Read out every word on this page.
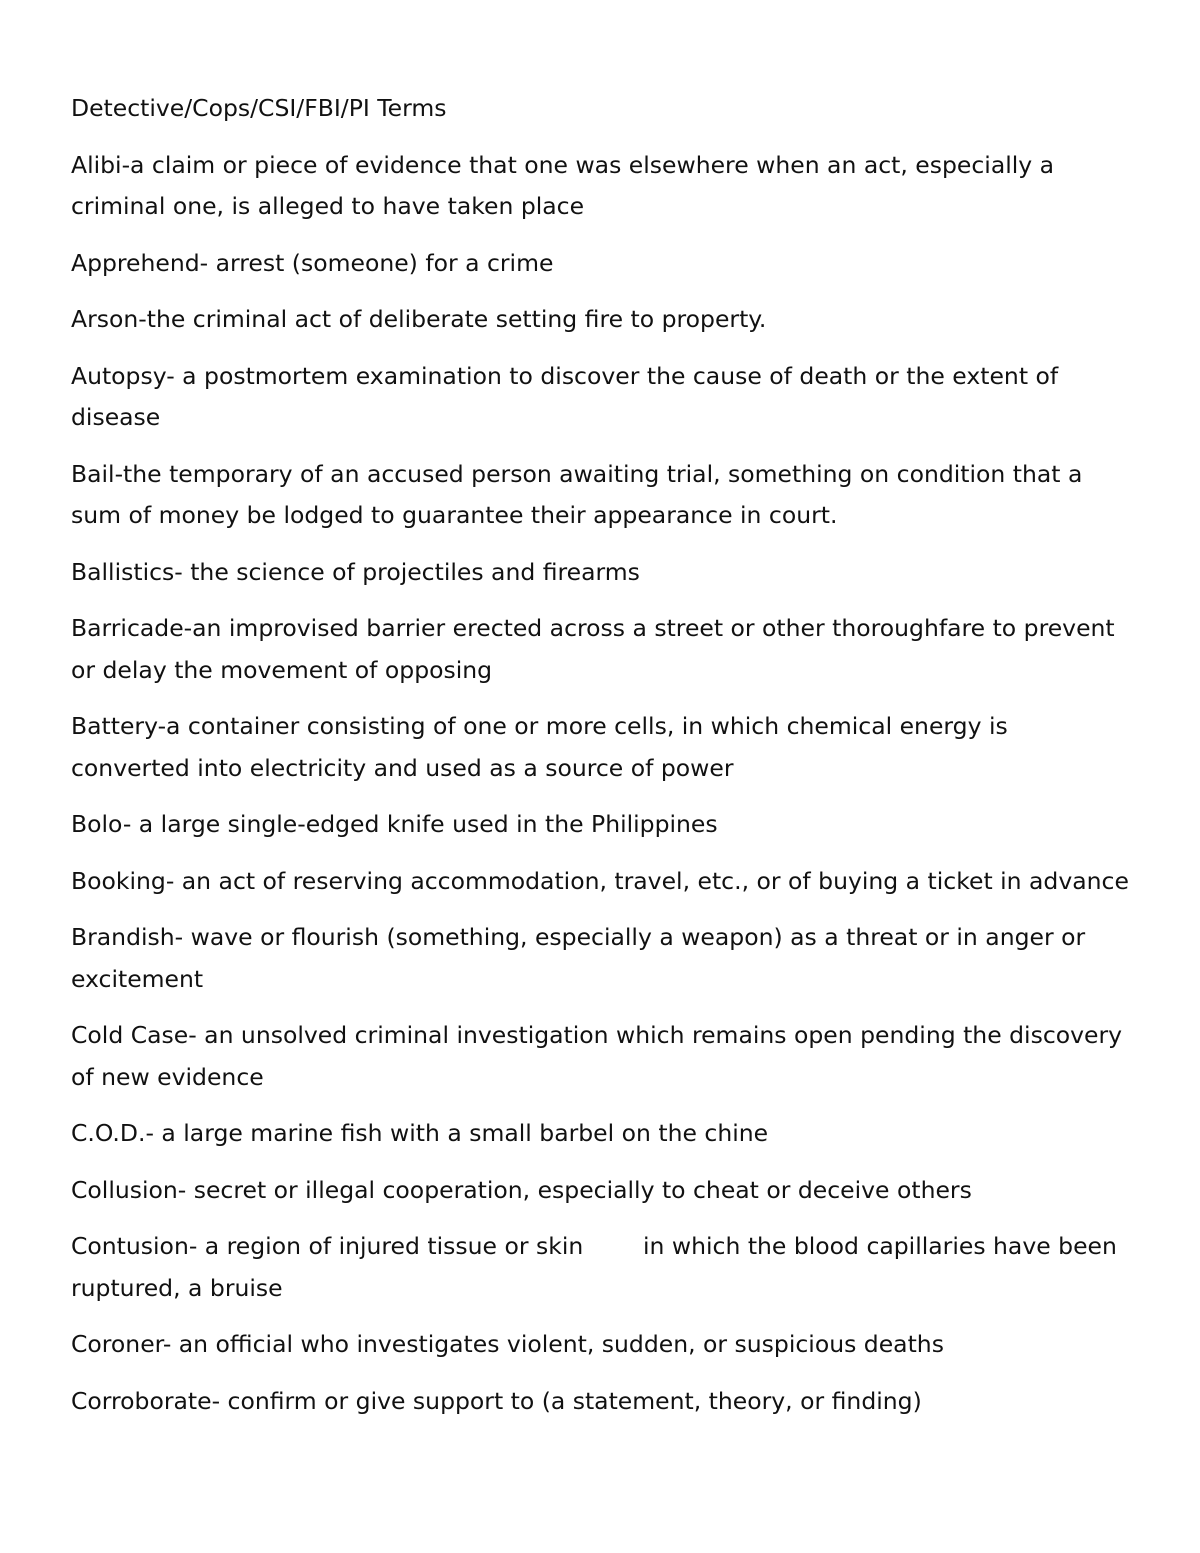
Detective/Cops/CSI/FBI/PI Terms

Alibi-a claim or piece of evidence that one was elsewhere when an act, especially a criminal one, is alleged to have taken place

Apprehend- arrest (someone) for a crime

Arson-the criminal act of deliberate setting fire to property.

Autopsy- a postmortem examination to discover the cause of death or the extent of disease

Bail-the temporary of an accused person awaiting trial, something on condition that a sum of money be lodged to guarantee their appearance in court.

Ballistics- the science of projectiles and firearms

Barricade-an improvised barrier erected across a street or other thoroughfare to prevent or delay the movement of opposing

Battery-a container consisting of one or more cells, in which chemical energy is converted into electricity and used as a source of power

Bolo- a large single-edged knife used in the Philippines

Booking- an act of reserving accommodation, travel, etc., or of buying a ticket in advance

Brandish- wave or flourish (something, especially a weapon) as a threat or in anger or excitement

Cold Case- an unsolved criminal investigation which remains open pending the discovery of new evidence

C.O.D.- a large marine fish with a small barbel on the chine

Collusion- secret or illegal cooperation, especially to cheat or deceive others

Contusion- a region of injured tissue or skin        in which the blood capillaries have been ruptured, a bruise

Coroner- an official who investigates violent, sudden, or suspicious deaths

Corroborate- confirm or give support to (a statement, theory, or finding)
